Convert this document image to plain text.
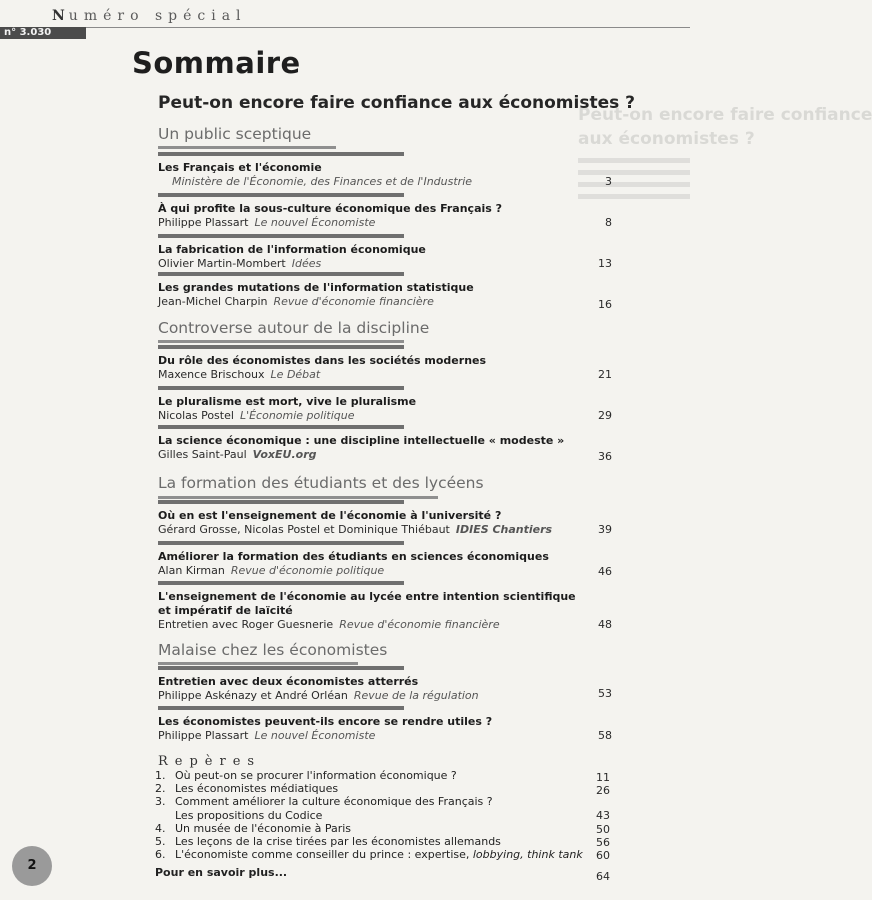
Numéro spécial
n° 3.030
Sommaire
Peut-on encore faire confiance aux économistes ?
Peut-on encore faire confiance
aux économistes ?
Un public sceptique
Les Français et l'économie
Ministère de l'Économie, des Finances et de l'Industrie	3
À qui profite la sous-culture économique des Français ?
Philippe Plassart Le nouvel Économiste	8
La fabrication de l'information économique
Olivier Martin-Mombert Idées	13
Les grandes mutations de l'information statistique
Jean-Michel Charpin Revue d'économie financière	16
Controverse autour de la discipline
Du rôle des économistes dans les sociétés modernes
Maxence Brischoux Le Débat	21
Le pluralisme est mort, vive le pluralisme
Nicolas Postel L'Économie politique	29
La science économique : une discipline intellectuelle « modeste »
Gilles Saint-Paul VoxEU.org	36
La formation des étudiants et des lycéens
Où en est l'enseignement de l'économie à l'université ?
Gérard Grosse, Nicolas Postel et Dominique Thiébaut IDIES Chantiers	39
Améliorer la formation des étudiants en sciences économiques
Alan Kirman Revue d'économie politique	46
L'enseignement de l'économie au lycée entre intention scientifique
et impératif de laïcité
Entretien avec Roger Guesnerie Revue d'économie financière	48
Malaise chez les économistes
Entretien avec deux économistes atterrés
Philippe Askénazy et André Orléan Revue de la régulation	53
Les économistes peuvent-ils encore se rendre utiles ?
Philippe Plassart Le nouvel Économiste	58
Repères
1. Où peut-on se procurer l'information économique ?	11
2. Les économistes médiatiques	26
3. Comment améliorer la culture économique des Français ?
Les propositions du Codice	43
4. Un musée de l'économie à Paris	50
5. Les leçons de la crise tirées par les économistes allemands	56
6. L'économiste comme conseiller du prince : expertise, lobbying, think tank	60
Pour en savoir plus...	64
2
